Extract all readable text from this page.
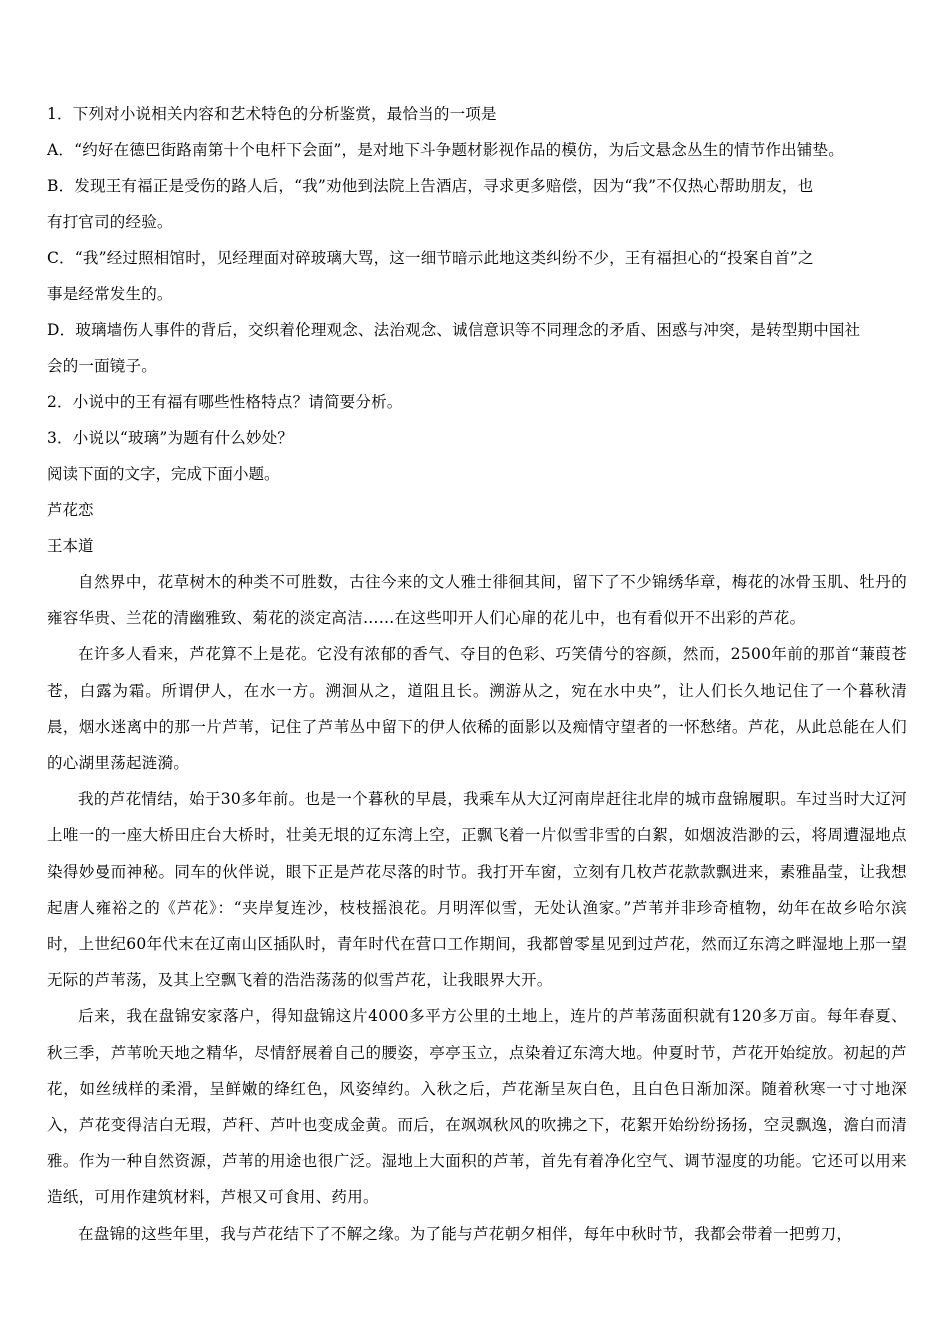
1．下列对小说相关内容和艺术特色的分析鉴赏，最恰当的一项是
A．“约好在德巴街路南第十个电杆下会面”，是对地下斗争题材影视作品的模仿，为后文悬念丛生的情节作出铺垫。
B．发现王有福正是受伤的路人后，“我”劝他到法院上告酒店，寻求更多赔偿，因为“我”不仅热心帮助朋友，也
有打官司的经验。
C．“我”经过照相馆时，见经理面对碎玻璃大骂，这一细节暗示此地这类纠纷不少，王有福担心的“投案自首”之
事是经常发生的。
D．玻璃墙伤人事件的背后，交织着伦理观念、法治观念、诚信意识等不同理念的矛盾、困惑与冲突，是转型期中国社
会的一面镜子。
2．小说中的王有福有哪些性格特点？请简要分析。
3．小说以“玻璃”为题有什么妙处？
阅读下面的文字，完成下面小题。
芦花恋
王本道

自然界中，花草树木的种类不可胜数，古往今来的文人雅士徘徊其间，留下了不少锦绣华章，梅花的冰骨玉肌、牡丹的雍容华贵、兰花的清幽雅致、菊花的淡定高洁……在这些叩开人们心扉的花儿中，也有看似开不出彩的芦花。

在许多人看来，芦花算不上是花。它没有浓郁的香气、夺目的色彩、巧笑倩兮的容颜，然而，2500年前的那首“蒹葭苍苍，白露为霜。所谓伊人，在水一方。溯洄从之，道阻且长。溯游从之，宛在水中央”，让人们长久地记住了一个暮秋清晨，烟水迷离中的那一片芦苇，记住了芦苇丛中留下的伊人依稀的面影以及痴情守望者的一怀愁绪。芦花，从此总能在人们的心湖里荡起涟漪。

我的芦花情结，始于30多年前。也是一个暮秋的早晨，我乘车从大辽河南岸赶往北岸的城市盘锦履职。车过当时大辽河上唯一的一座大桥田庄台大桥时，壮美无垠的辽东湾上空，正飘飞着一片似雪非雪的白絮，如烟波浩渺的云，将周遭湿地点染得妙曼而神秘。同车的伙伴说，眼下正是芦花尽落的时节。我打开车窗，立刻有几枚芦花款款飘进来，素雅晶莹，让我想起唐人雍裕之的《芦花》：“夹岸复连沙，枝枝摇浪花。月明浑似雪，无处认渔家。”芦苇并非珍奇植物，幼年在故乡哈尔滨时，上世纪60年代末在辽南山区插队时，青年时代在营口工作期间，我都曾零星见到过芦花，然而辽东湾之畔湿地上那一望无际的芦苇荡，及其上空飘飞着的浩浩荡荡的似雪芦花，让我眼界大开。

后来，我在盘锦安家落户，得知盘锦这片4000多平方公里的土地上，连片的芦苇荡面积就有120多万亩。每年春夏、秋三季，芦苇吮天地之精华，尽情舒展着自己的腰姿，亭亭玉立，点染着辽东湾大地。仲夏时节，芦花开始绽放。初起的芦花，如丝绒样的柔滑，呈鲜嫩的绛红色，风姿绰约。入秋之后，芦花渐呈灰白色，且白色日渐加深。随着秋寒一寸寸地深入，芦花变得洁白无瑕，芦秆、芦叶也变成金黄。而后，在飒飒秋风的吹拂之下，花絮开始纷纷扬扬，空灵飘逸，澹白而清雅。作为一种自然资源，芦苇的用途也很广泛。湿地上大面积的芦苇，首先有着净化空气、调节湿度的功能。它还可以用来造纸，可用作建筑材料，芦根又可食用、药用。

在盘锦的这些年里，我与芦花结下了不解之缘。为了能与芦花朝夕相伴，每年中秋时节，我都会带着一把剪刀，
